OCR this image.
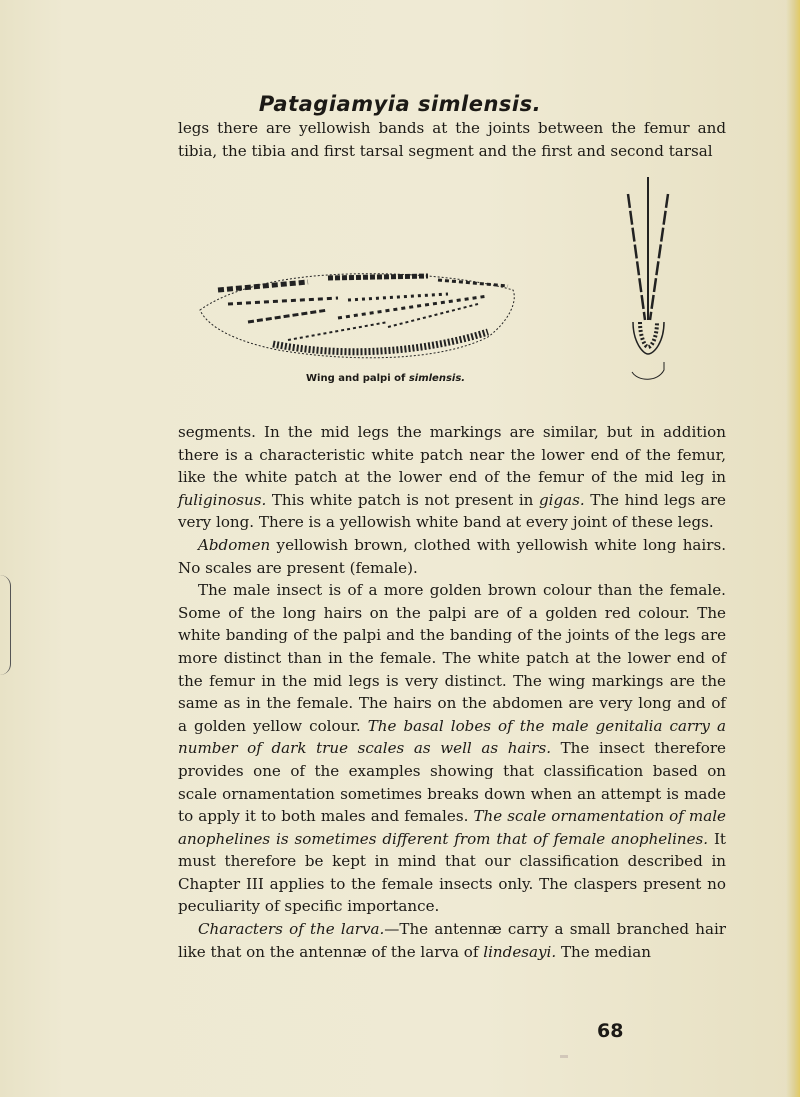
Patagiamyia simlensis.
legs there are yellowish bands at the joints between the femur and tibia, the tibia and first tarsal segment and the first and second tarsal
Wing and palpi of simlensis.

segments. In the mid legs the markings are similar, but in addition there is a characteristic white patch near the lower end of the femur, like the white patch at the lower end of the femur of the mid leg in fuliginosus. This white patch is not present in gigas. The hind legs are very long. There is a yellowish white band at every joint of these legs.

Abdomen yellowish brown, clothed with yellowish white long hairs. No scales are present (female).

The male insect is of a more golden brown colour than the female. Some of the long hairs on the palpi are of a golden red colour. The white banding of the palpi and the banding of the joints of the legs are more distinct than in the female. The white patch at the lower end of the femur in the mid legs is very distinct. The wing markings are the same as in the female. The hairs on the abdomen are very long and of a golden yellow colour. The basal lobes of the male genitalia carry a number of dark true scales as well as hairs. The insect therefore provides one of the examples showing that classification based on scale ornamentation sometimes breaks down when an attempt is made to apply it to both males and females. The scale ornamentation of male anophelines is sometimes different from that of female anophelines. It must therefore be kept in mind that our classification described in Chapter III applies to the female insects only. The claspers present no peculiarity of specific importance.

Characters of the larva.—The antennæ carry a small branched hair like that on the antennæ of the larva of lindesayi. The median

68
